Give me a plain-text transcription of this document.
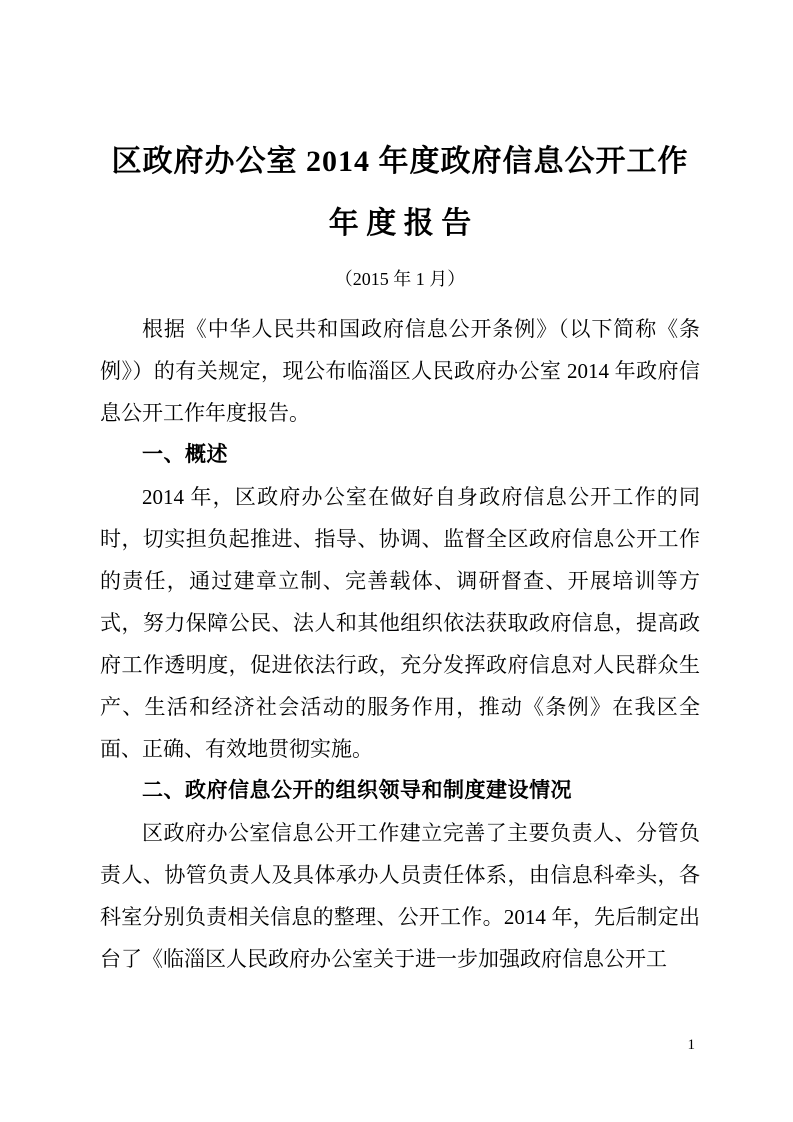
区政府办公室 2014 年度政府信息公开工作
年 度 报 告
（2015 年 1 月）

根据《中华人民共和国政府信息公开条例》（以下简称《条例》）的有关规定，现公布临淄区人民政府办公室 2014 年政府信息公开工作年度报告。

一、概述

2014 年，区政府办公室在做好自身政府信息公开工作的同时，切实担负起推进、指导、协调、监督全区政府信息公开工作的责任，通过建章立制、完善载体、调研督查、开展培训等方式，努力保障公民、法人和其他组织依法获取政府信息，提高政府工作透明度，促进依法行政，充分发挥政府信息对人民群众生产、生活和经济社会活动的服务作用，推动《条例》在我区全面、正确、有效地贯彻实施。

二、政府信息公开的组织领导和制度建设情况

区政府办公室信息公开工作建立完善了主要负责人、分管负责人、协管负责人及具体承办人员责任体系，由信息科牵头，各科室分别负责相关信息的整理、公开工作。2014 年，先后制定出台了《临淄区人民政府办公室关于进一步加强政府信息公开工

1
